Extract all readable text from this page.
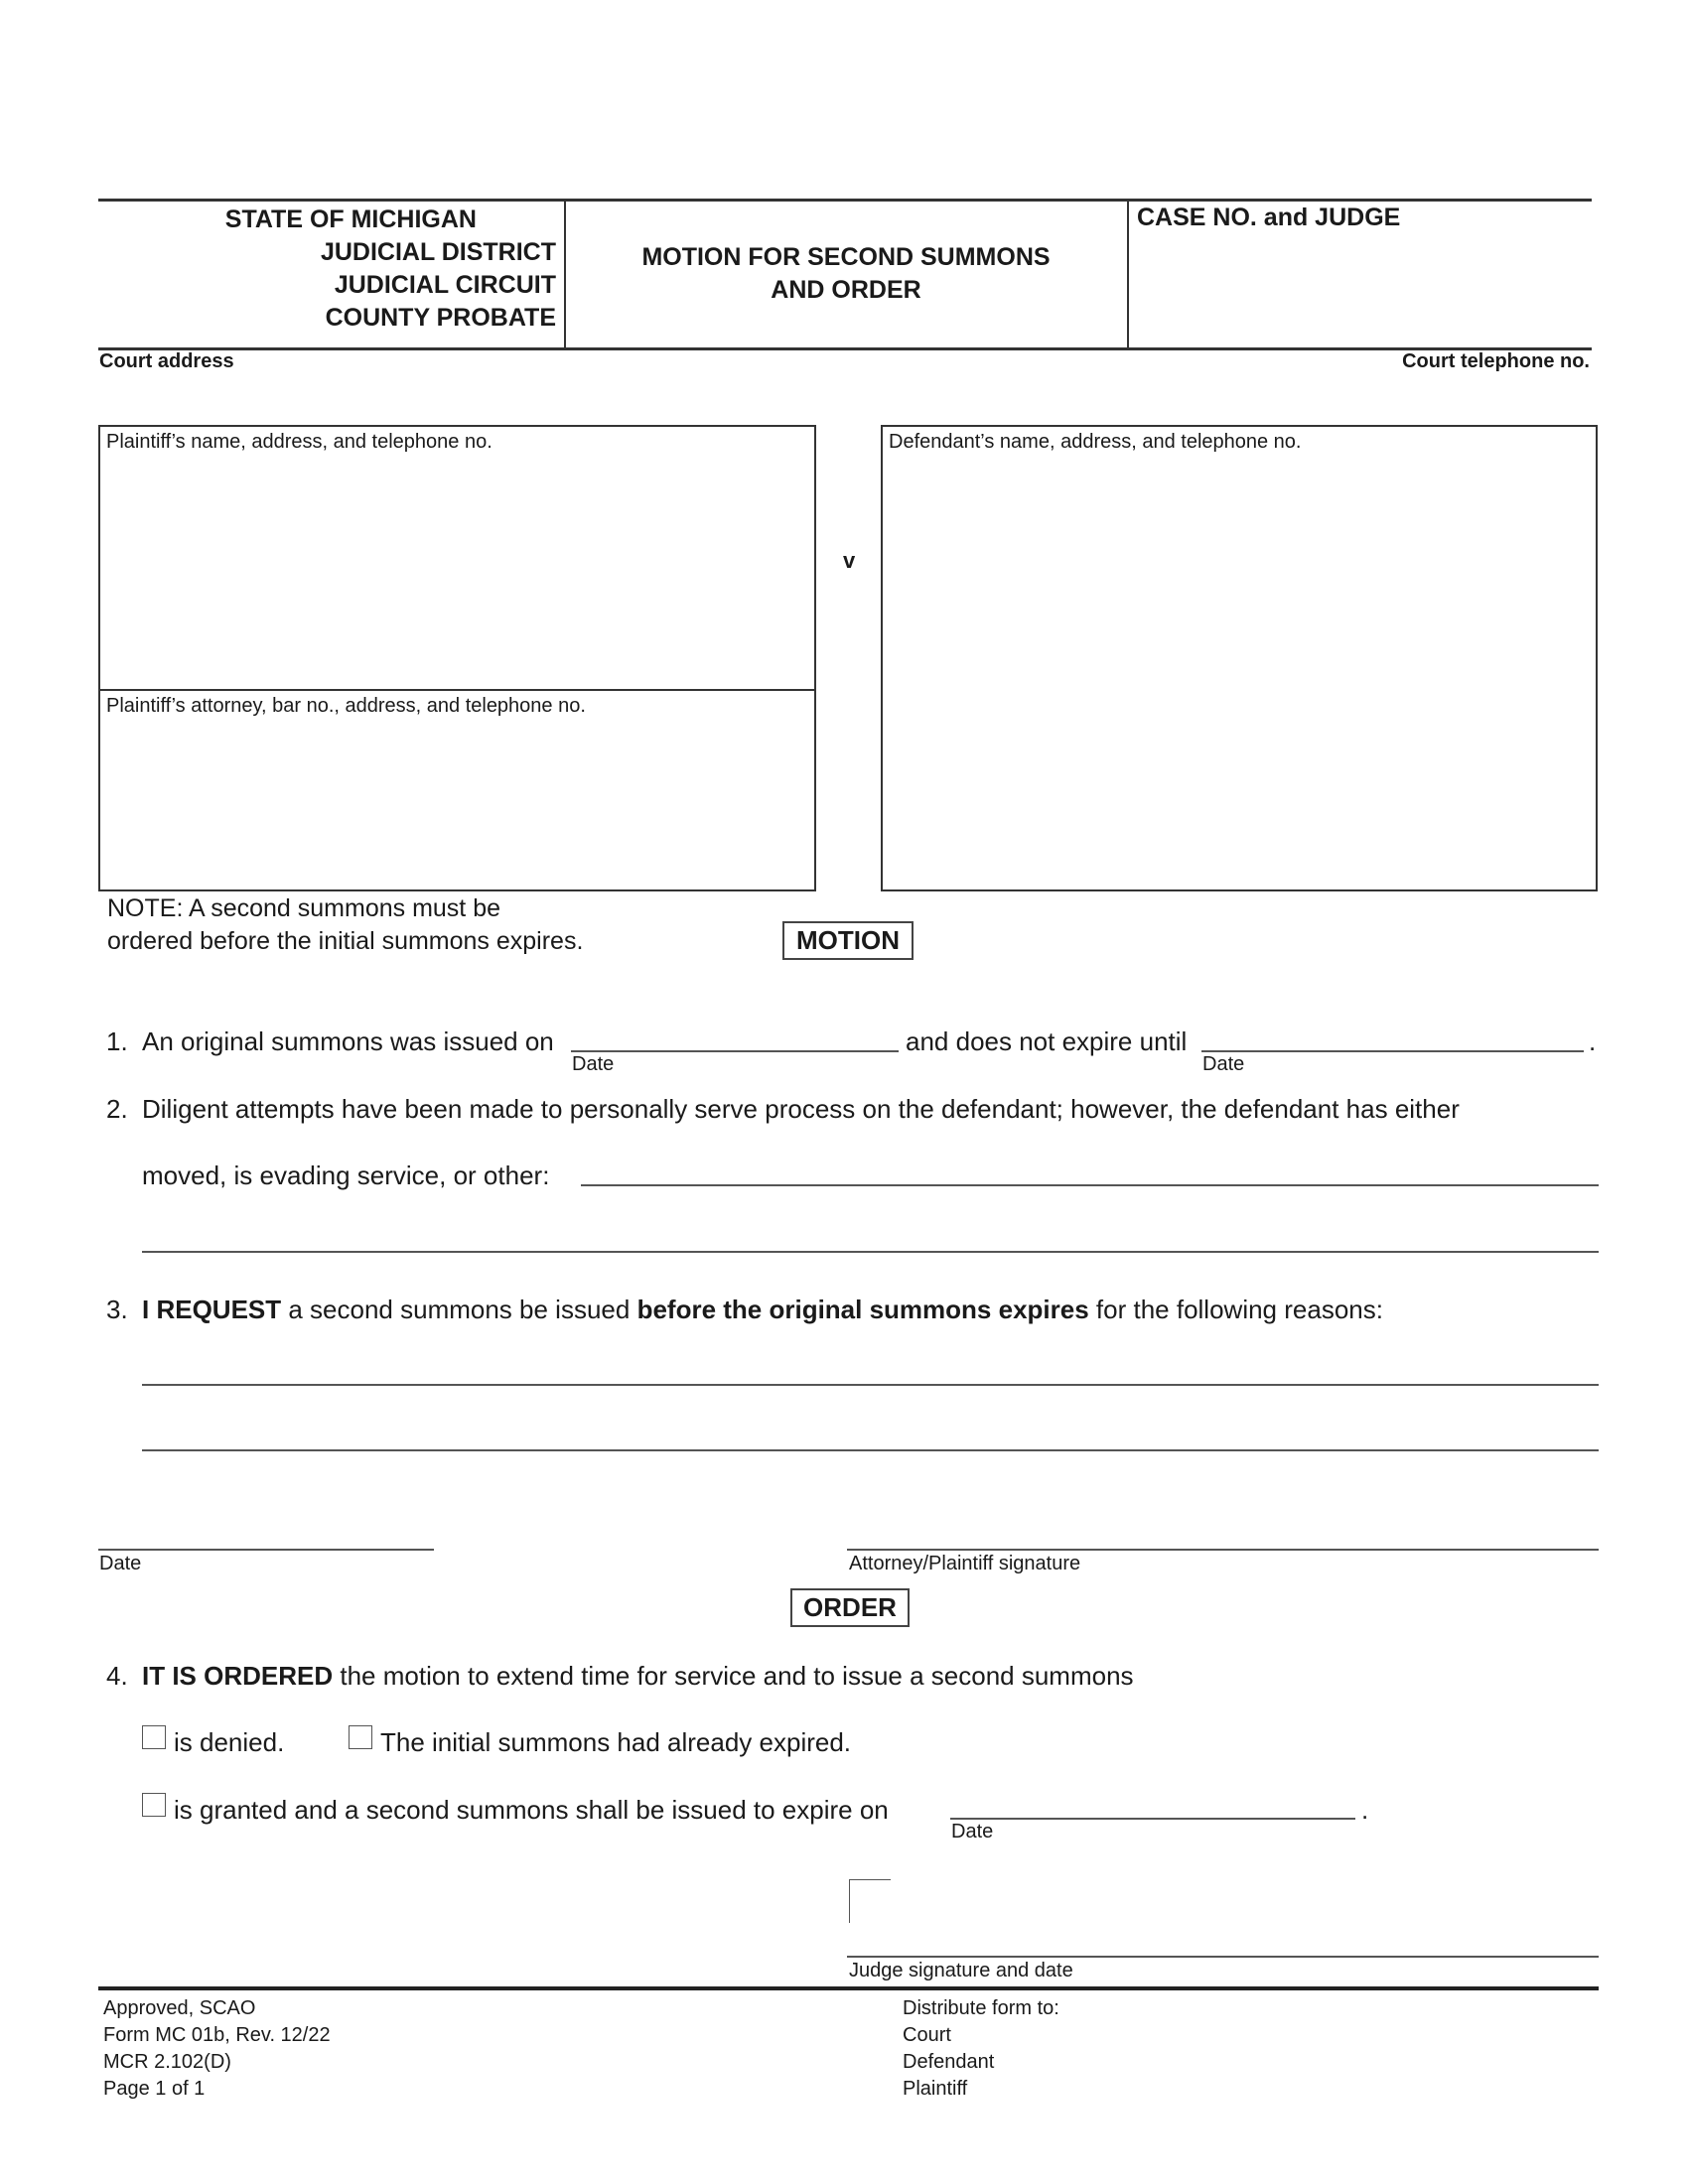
STATE OF MICHIGAN
JUDICIAL DISTRICT
JUDICIAL CIRCUIT
COUNTY PROBATE
MOTION FOR SECOND SUMMONS
AND ORDER
CASE NO. and JUDGE
Court address	Court telephone no.
Plaintiff’s name, address, and telephone no.
Plaintiff’s attorney, bar no., address, and telephone no.
v
Defendant’s name, address, and telephone no.
NOTE: A second summons must be
ordered before the initial summons expires.	MOTION
1. An original summons was issued on
Date
and does not expire until
Date
.
2. Diligent attempts have been made to personally serve process on the defendant; however, the defendant has either
moved, is evading service, or other:
3. I REQUEST a second summons be issued before the original summons expires for the following reasons:
Date	Attorney/Plaintiff signature
ORDER
4. IT IS ORDERED the motion to extend time for service and to issue a second summons
is denied.	The initial summons had already expired.
is granted and a second summons shall be issued to expire on
Date
.
Judge signature and date
Approved, SCAO
Form MC 01b, Rev. 12/22
MCR 2.102(D)
Page 1 of 1
Distribute form to:
Court
Defendant
Plaintiff
